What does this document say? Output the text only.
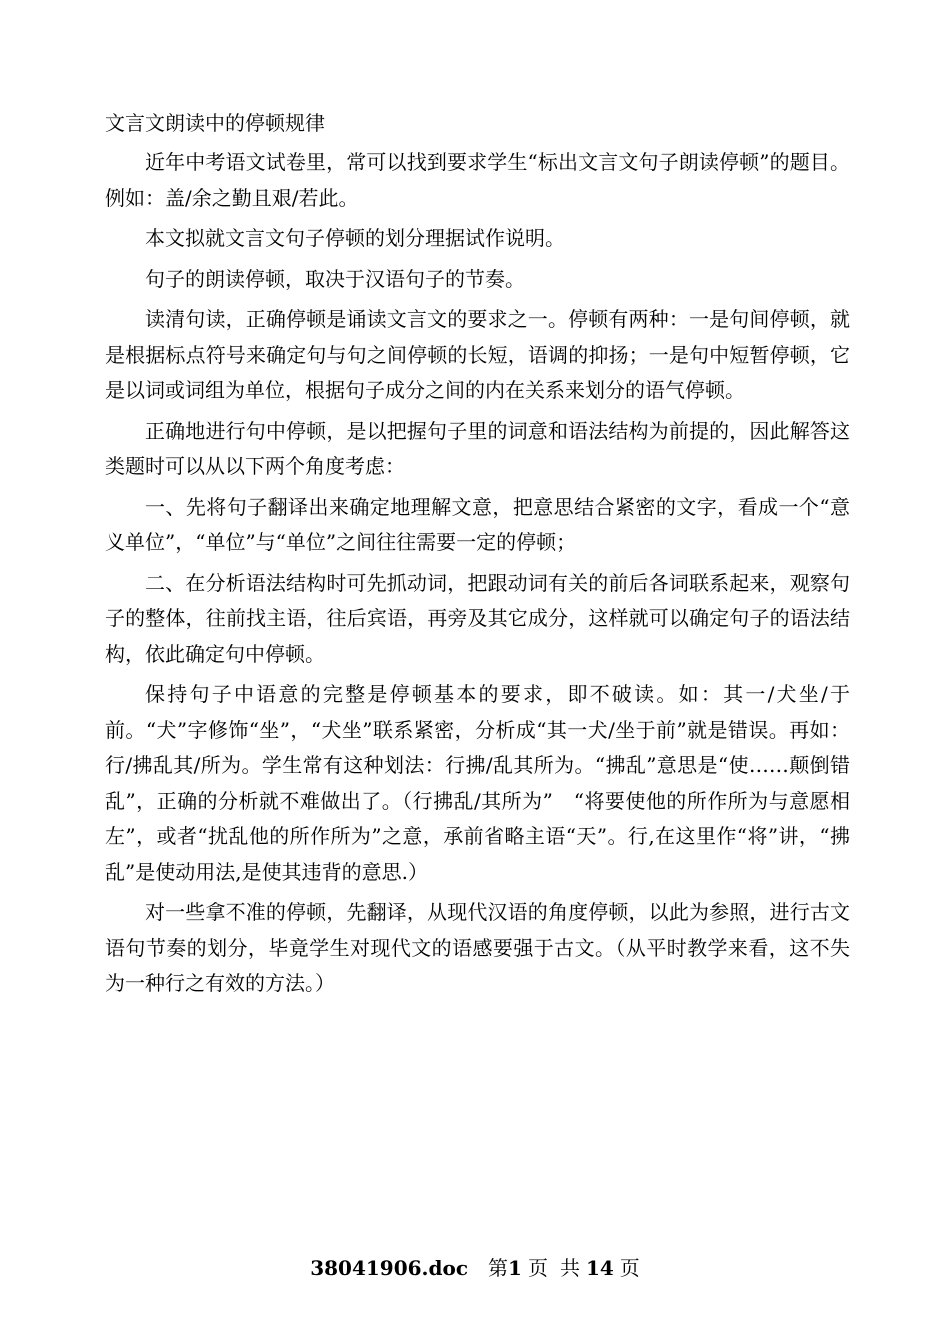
文言文朗读中的停顿规律

近年中考语文试卷里，常可以找到要求学生“标出文言文句子朗读停顿”的题目。例如：盖/余之勤且艰/若此。

本文拟就文言文句子停顿的划分理据试作说明。

句子的朗读停顿，取决于汉语句子的节奏。

读清句读，正确停顿是诵读文言文的要求之一。停顿有两种：一是句间停顿，就是根据标点符号来确定句与句之间停顿的长短，语调的抑扬；一是句中短暂停顿，它是以词或词组为单位，根据句子成分之间的内在关系来划分的语气停顿。

正确地进行句中停顿，是以把握句子里的词意和语法结构为前提的，因此解答这类题时可以从以下两个角度考虑：

一、先将句子翻译出来确定地理解文意，把意思结合紧密的文字，看成一个“意义单位”，“单位”与“单位”之间往往需要一定的停顿；

二、在分析语法结构时可先抓动词，把跟动词有关的前后各词联系起来，观察句子的整体，往前找主语，往后宾语，再旁及其它成分，这样就可以确定句子的语法结构，依此确定句中停顿。

保持句子中语意的完整是停顿基本的要求，即不破读。如：其一/犬坐/于前。“犬”字修饰“坐”，“犬坐”联系紧密，分析成“其一犬/坐于前”就是错误。再如：行/拂乱其/所为。学生常有这种划法：行拂/乱其所为。“拂乱”意思是“使……颠倒错乱”，正确的分析就不难做出了。（行拂乱/其所为”　“将要使他的所作所为与意愿相左”，或者“扰乱他的所作所为”之意，承前省略主语“天”。行,在这里作“将”讲，“拂乱”是使动用法,是使其违背的意思.）

对一些拿不准的停顿，先翻译，从现代汉语的角度停顿，以此为参照，进行古文语句节奏的划分，毕竟学生对现代文的语感要强于古文。（从平时教学来看，这不失为一种行之有效的方法。）

38041906.doc 第1 页 共 14 页
